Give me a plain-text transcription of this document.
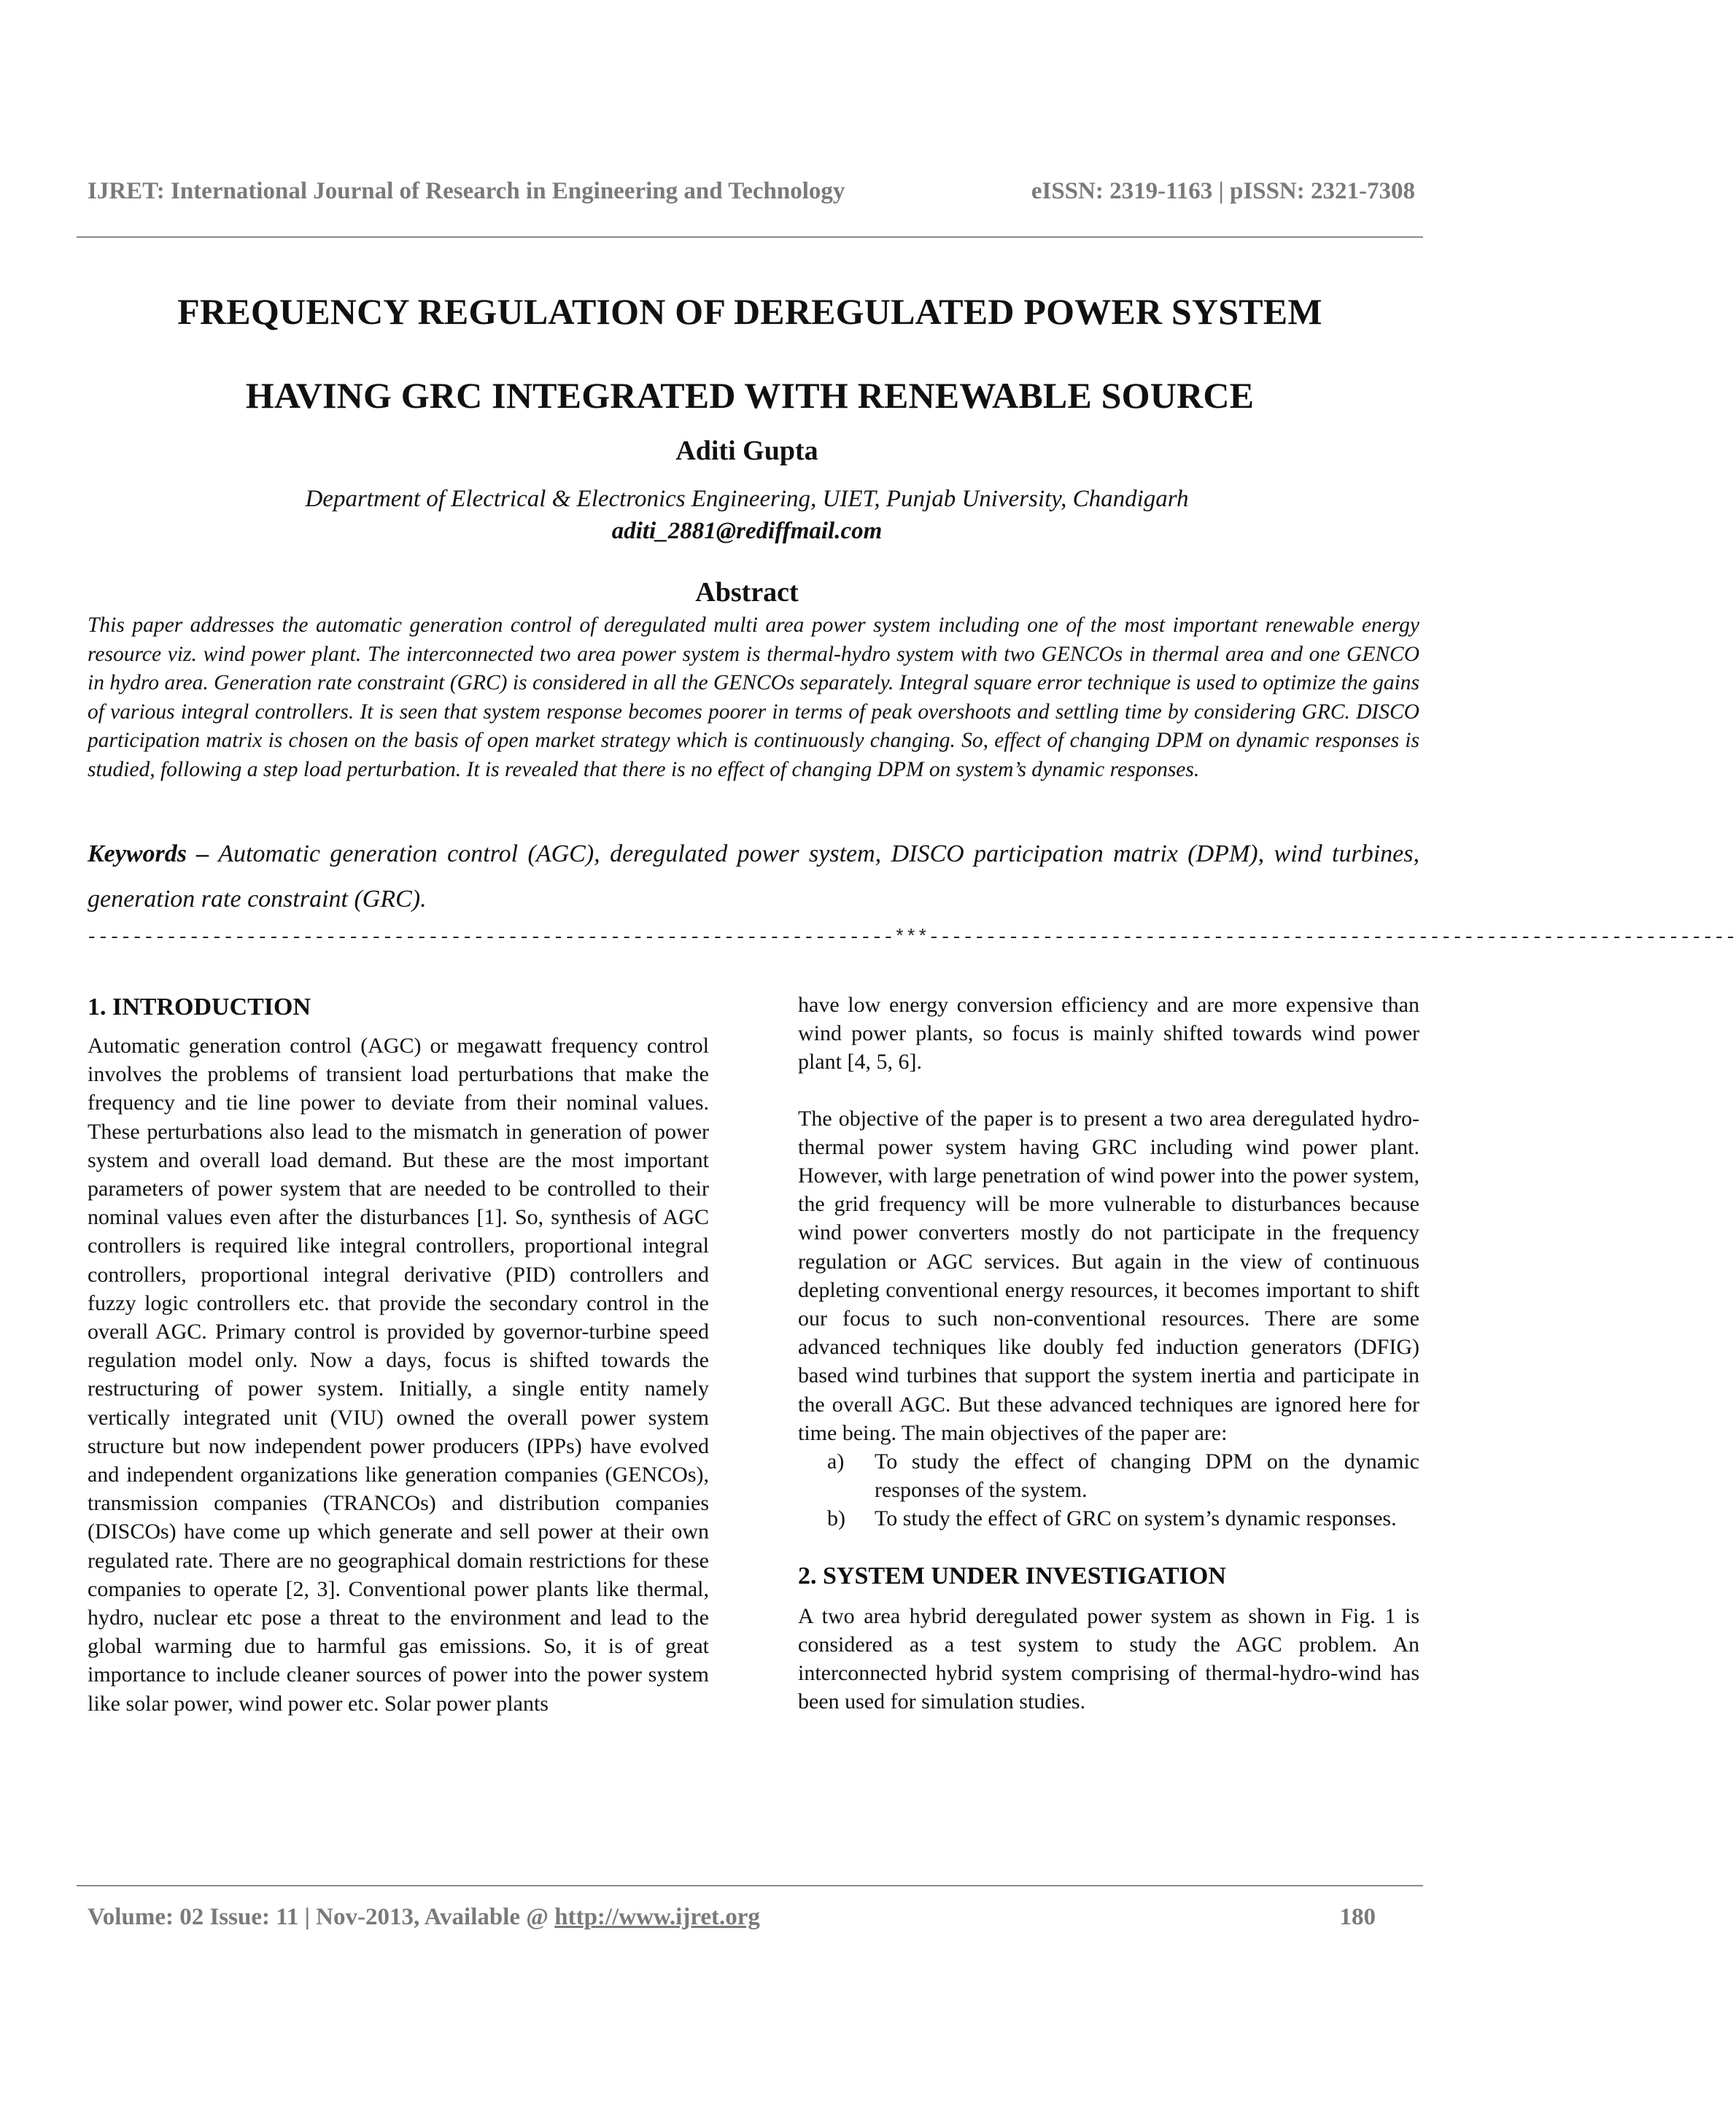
IJRET: International Journal of Research in Engineering and Technology	eISSN: 2319-1163 | pISSN: 2321-7308
FREQUENCY REGULATION OF DEREGULATED POWER SYSTEM
HAVING GRC INTEGRATED WITH RENEWABLE SOURCE
Aditi Gupta
Department of Electrical & Electronics Engineering, UIET, Punjab University, Chandigarh
aditi_2881@rediffmail.com
Abstract
This paper addresses the automatic generation control of deregulated multi area power system including one of the most important renewable energy resource viz. wind power plant. The interconnected two area power system is thermal-hydro system with two GENCOs in thermal area and one GENCO in hydro area. Generation rate constraint (GRC) is considered in all the GENCOs separately. Integral square error technique is used to optimize the gains of various integral controllers. It is seen that system response becomes poorer in terms of peak overshoots and settling time by considering GRC. DISCO participation matrix is chosen on the basis of open market strategy which is continuously changing. So, effect of changing DPM on dynamic responses is studied, following a step load perturbation. It is revealed that there is no effect of changing DPM on system’s dynamic responses.
Keywords – Automatic generation control (AGC), deregulated power system, DISCO participation matrix (DPM), wind turbines, generation rate constraint (GRC).
-----------------------------------------------------------------------***-----------------------------------------------------------------------
1. INTRODUCTION

Automatic generation control (AGC) or megawatt frequency control involves the problems of transient load perturbations that make the frequency and tie line power to deviate from their nominal values. These perturbations also lead to the mismatch in generation of power system and overall load demand. But these are the most important parameters of power system that are needed to be controlled to their nominal values even after the disturbances [1]. So, synthesis of AGC controllers is required like integral controllers, proportional integral controllers, proportional integral derivative (PID) controllers and fuzzy logic controllers etc. that provide the secondary control in the overall AGC. Primary control is provided by governor-turbine speed regulation model only. Now a days, focus is shifted towards the restructuring of power system. Initially, a single entity namely vertically integrated unit (VIU) owned the overall power system structure but now independent power producers (IPPs) have evolved and independent organizations like generation companies (GENCOs), transmission companies (TRANCOs) and distribution companies (DISCOs) have come up which generate and sell power at their own regulated rate. There are no geographical domain restrictions for these companies to operate [2, 3]. Conventional power plants like thermal, hydro, nuclear etc pose a threat to the environment and lead to the global warming due to harmful gas emissions. So, it is of great importance to include cleaner sources of power into the power system like solar power, wind power etc. Solar power plants

have low energy conversion efficiency and are more expensive than wind power plants, so focus is mainly shifted towards wind power plant [4, 5, 6].

The objective of the paper is to present a two area deregulated hydro-thermal power system having GRC including wind power plant. However, with large penetration of wind power into the power system, the grid frequency will be more vulnerable to disturbances because wind power converters mostly do not participate in the frequency regulation or AGC services. But again in the view of continuous depleting conventional energy resources, it becomes important to shift our focus to such non-conventional resources. There are some advanced techniques like doubly fed induction generators (DFIG) based wind turbines that support the system inertia and participate in the overall AGC. But these advanced techniques are ignored here for time being. The main objectives of the paper are:

a)	To study the effect of changing DPM on the dynamic responses of the system.
b)	To study the effect of GRC on system’s dynamic responses.
2. SYSTEM UNDER INVESTIGATION

A two area hybrid deregulated power system as shown in Fig. 1 is considered as a test system to study the AGC problem. An interconnected hybrid system comprising of thermal-hydro-wind has been used for simulation studies.

Volume: 02 Issue: 11 | Nov-2013, Available @ http://www.ijret.org	180
